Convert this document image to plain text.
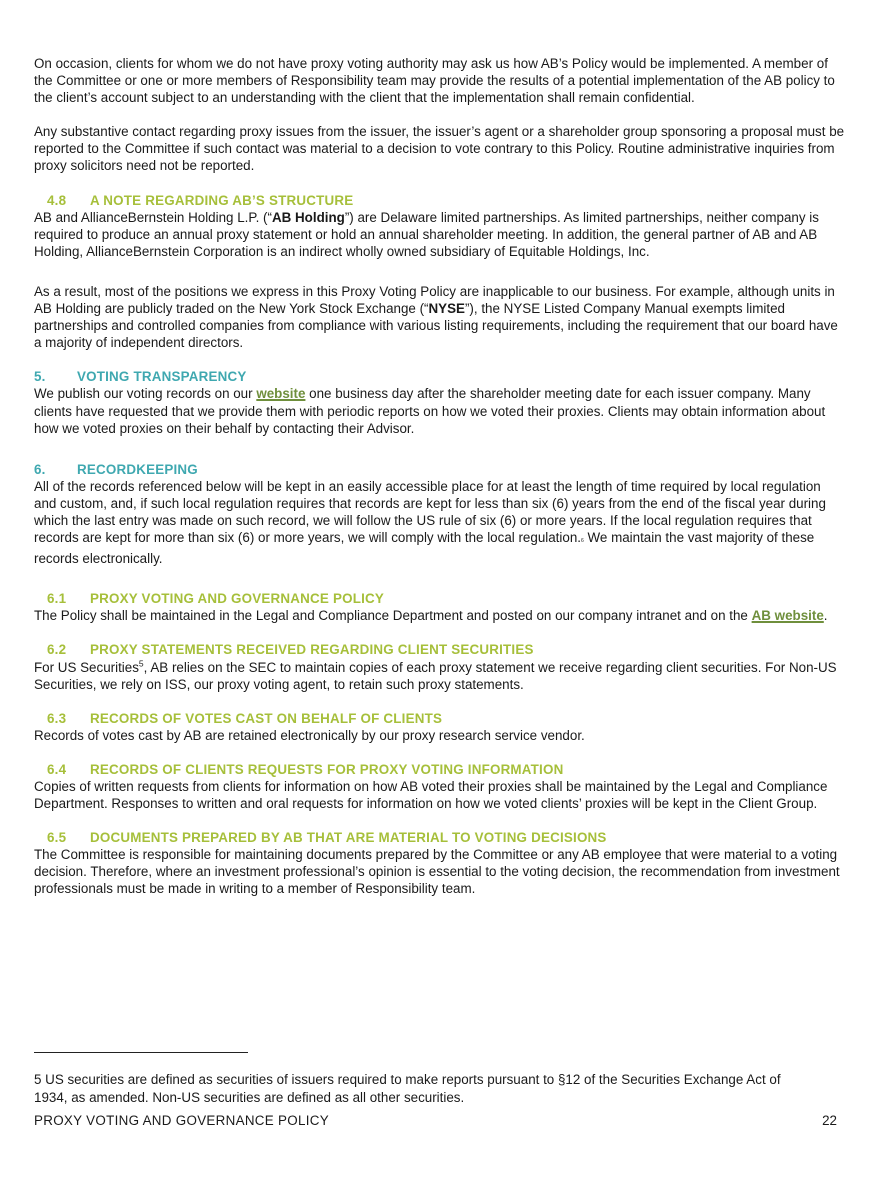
On occasion, clients for whom we do not have proxy voting authority may ask us how AB’s Policy would be implemented. A member of the Committee or one or more members of Responsibility team may provide the results of a potential implementation of the AB policy to the client’s account subject to an understanding with the client that the implementation shall remain confidential.

Any substantive contact regarding proxy issues from the issuer, the issuer’s agent or a shareholder group sponsoring a proposal must be reported to the Committee if such contact was material to a decision to vote contrary to this Policy. Routine administrative inquiries from proxy solicitors need not be reported.

4.8 A NOTE REGARDING AB’S STRUCTURE

AB and AllianceBernstein Holding L.P. (“AB Holding”) are Delaware limited partnerships. As limited partnerships, neither company is required to produce an annual proxy statement or hold an annual shareholder meeting. In addition, the general partner of AB and AB Holding, AllianceBernstein Corporation is an indirect wholly owned subsidiary of Equitable Holdings, Inc.

As a result, most of the positions we express in this Proxy Voting Policy are inapplicable to our business. For example, although units in AB Holding are publicly traded on the New York Stock Exchange (“NYSE”), the NYSE Listed Company Manual exempts limited partnerships and controlled companies from compliance with various listing requirements, including the requirement that our board have a majority of independent directors.

5. VOTING TRANSPARENCY

We publish our voting records on our website one business day after the shareholder meeting date for each issuer company. Many clients have requested that we provide them with periodic reports on how we voted their proxies. Clients may obtain information about how we voted proxies on their behalf by contacting their Advisor.

6. RECORDKEEPING

All of the records referenced below will be kept in an easily accessible place for at least the length of time required by local regulation and custom, and, if such local regulation requires that records are kept for less than six (6) years from the end of the fiscal year during which the last entry was made on such record, we will follow the US rule of six (6) or more years. If the local regulation requires that records are kept for more than six (6) or more years, we will comply with the local regulation.6 We maintain the vast majority of these records electronically.

6.1 PROXY VOTING AND GOVERNANCE POLICY

The Policy shall be maintained in the Legal and Compliance Department and posted on our company intranet and on the AB website.

6.2 PROXY STATEMENTS RECEIVED REGARDING CLIENT SECURITIES

For US Securities$^5$, AB relies on the SEC to maintain copies of each proxy statement we receive regarding client securities. For Non-US Securities, we rely on ISS, our proxy voting agent, to retain such proxy statements.

6.3 RECORDS OF VOTES CAST ON BEHALF OF CLIENTS

Records of votes cast by AB are retained electronically by our proxy research service vendor.

6.4 RECORDS OF CLIENTS REQUESTS FOR PROXY VOTING INFORMATION

Copies of written requests from clients for information on how AB voted their proxies shall be maintained by the Legal and Compliance Department. Responses to written and oral requests for information on how we voted clients’ proxies will be kept in the Client Group.

6.5 DOCUMENTS PREPARED BY AB THAT ARE MATERIAL TO VOTING DECISIONS

The Committee is responsible for maintaining documents prepared by the Committee or any AB employee that were material to a voting decision. Therefore, where an investment professional’s opinion is essential to the voting decision, the recommendation from investment professionals must be made in writing to a member of Responsibility team.

5 US securities are defined as securities of issuers required to make reports pursuant to §12 of the Securities Exchange Act of 1934, as amended. Non-US securities are defined as all other securities.

PROXY VOTING AND GOVERNANCE POLICY	22
